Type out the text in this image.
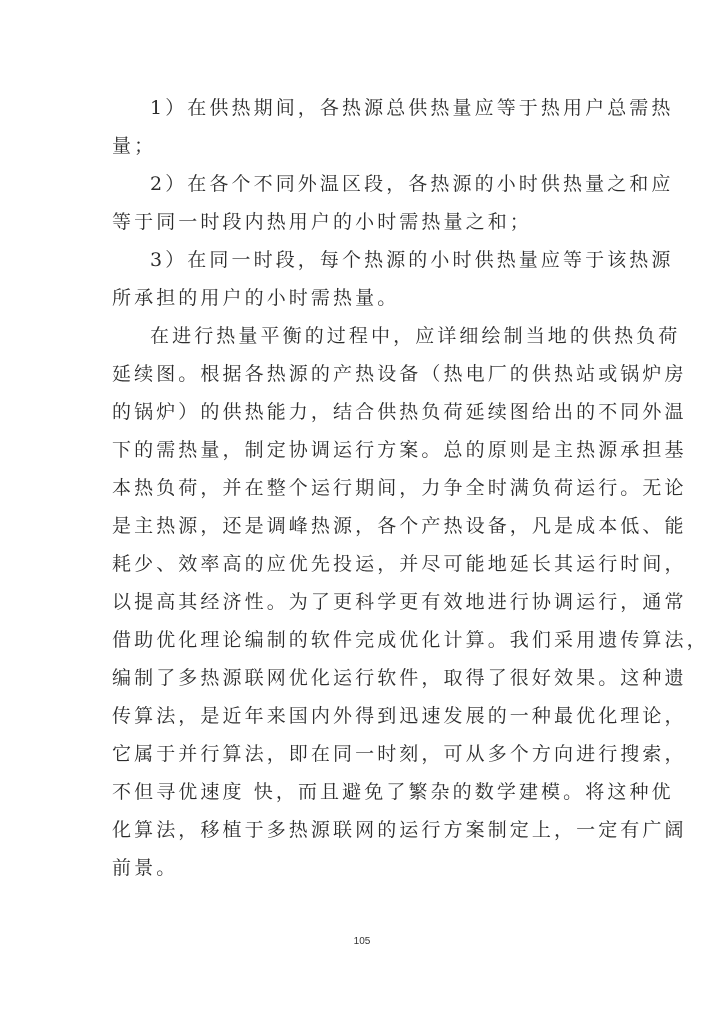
1）在供热期间，各热源总供热量应等于热用户总需热
量；
2）在各个不同外温区段，各热源的小时供热量之和应
等于同一时段内热用户的小时需热量之和；
3）在同一时段，每个热源的小时供热量应等于该热源
所承担的用户的小时需热量。
在进行热量平衡的过程中，应详细绘制当地的供热负荷
延续图。根据各热源的产热设备（热电厂的供热站或锅炉房
的锅炉）的供热能力，结合供热负荷延续图给出的不同外温
下的需热量，制定协调运行方案。总的原则是主热源承担基
本热负荷，并在整个运行期间，力争全时满负荷运行。无论
是主热源，还是调峰热源，各个产热设备，凡是成本低、能
耗少、效率高的应优先投运，并尽可能地延长其运行时间，
以提高其经济性。为了更科学更有效地进行协调运行，通常
借助优化理论编制的软件完成优化计算。我们采用遗传算法，
编制了多热源联网优化运行软件，取得了很好效果。这种遗
传算法，是近年来国内外得到迅速发展的一种最优化理论，
它属于并行算法，即在同一时刻，可从多个方向进行搜索，
不但寻优速度 快，而且避免了繁杂的数学建模。将这种优
化算法，移植于多热源联网的运行方案制定上，一定有广阔
前景。
105
